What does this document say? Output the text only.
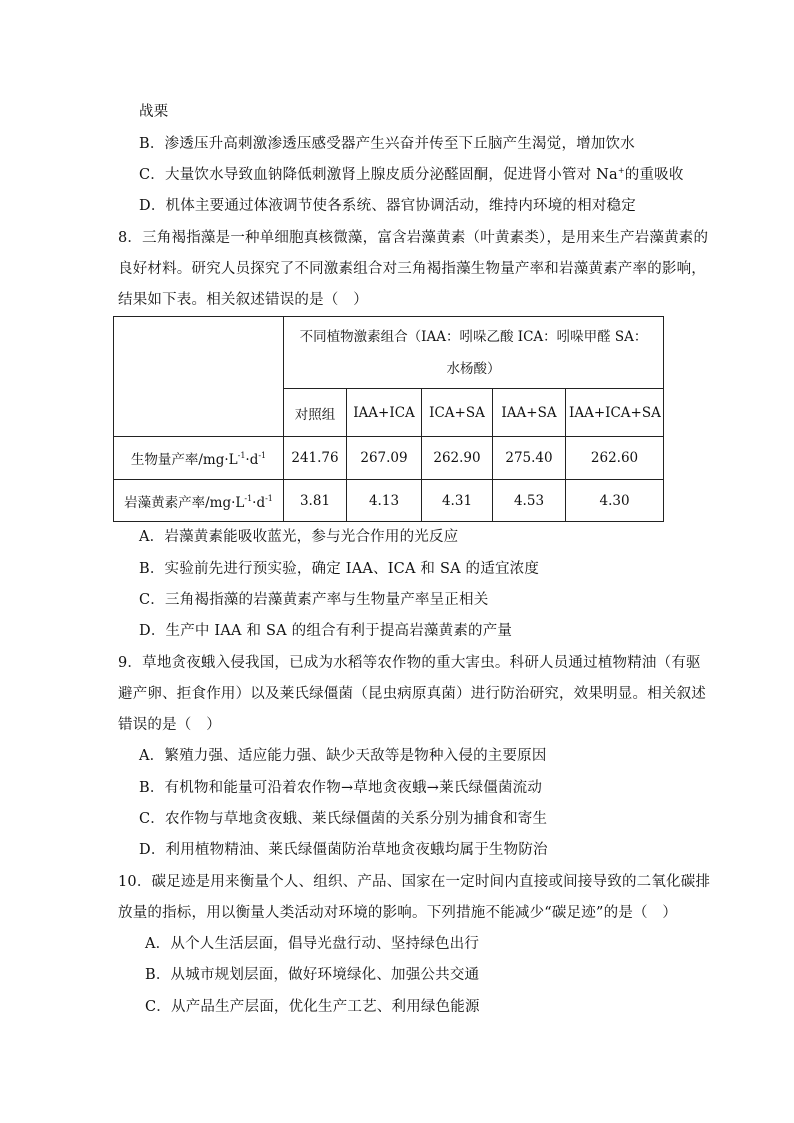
战栗
B．渗透压升高刺激渗透压感受器产生兴奋并传至下丘脑产生渴觉，增加饮水
C．大量饮水导致血钠降低刺激肾上腺皮质分泌醛固酮，促进肾小管对 Na+的重吸收
D．机体主要通过体液调节使各系统、器官协调活动，维持内环境的相对稳定
8．三角褐指藻是一种单细胞真核微藻，富含岩藻黄素（叶黄素类），是用来生产岩藻黄素的
良好材料。研究人员探究了不同激素组合对三角褐指藻生物量产率和岩藻黄素产率的影响，
结果如下表。相关叙述错误的是（　）

	不同植物激素组合（IAA：吲哚乙酸 ICA：吲哚甲醛 SA：
水杨酸）				

	对照组	IAA+ICA	ICA+SA	IAA+SA	IAA+ICA+SA
生物量产率$/mg\cdot L^{-1}\cdot d^{-1}$	241.76	267.09	262.90	275.40	262.60
岩藻黄素产率$/mg\cdot L^{-1}\cdot d^{-1}$	3.81	4.13	4.31	4.53	4.30
A．岩藻黄素能吸收蓝光，参与光合作用的光反应
B．实验前先进行预实验，确定 IAA、ICA 和 SA 的适宜浓度
C．三角褐指藻的岩藻黄素产率与生物量产率呈正相关
D．生产中 IAA 和 SA 的组合有利于提高岩藻黄素的产量
9．草地贪夜蛾入侵我国，已成为水稻等农作物的重大害虫。科研人员通过植物精油（有驱
避产卵、拒食作用）以及莱氏绿僵菌（昆虫病原真菌）进行防治研究，效果明显。相关叙述
错误的是（　）
A．繁殖力强、适应能力强、缺少天敌等是物种入侵的主要原因
B．有机物和能量可沿着农作物→草地贪夜蛾→莱氏绿僵菌流动
C．农作物与草地贪夜蛾、莱氏绿僵菌的关系分别为捕食和寄生
D．利用植物精油、莱氏绿僵菌防治草地贪夜蛾均属于生物防治
10．碳足迹是用来衡量个人、组织、产品、国家在一定时间内直接或间接导致的二氧化碳排
放量的指标，用以衡量人类活动对环境的影响。下列措施不能减少“碳足迹”的是（　）
A．从个人生活层面，倡导光盘行动、坚持绿色出行
B．从城市规划层面，做好环境绿化、加强公共交通
C．从产品生产层面，优化生产工艺、利用绿色能源
